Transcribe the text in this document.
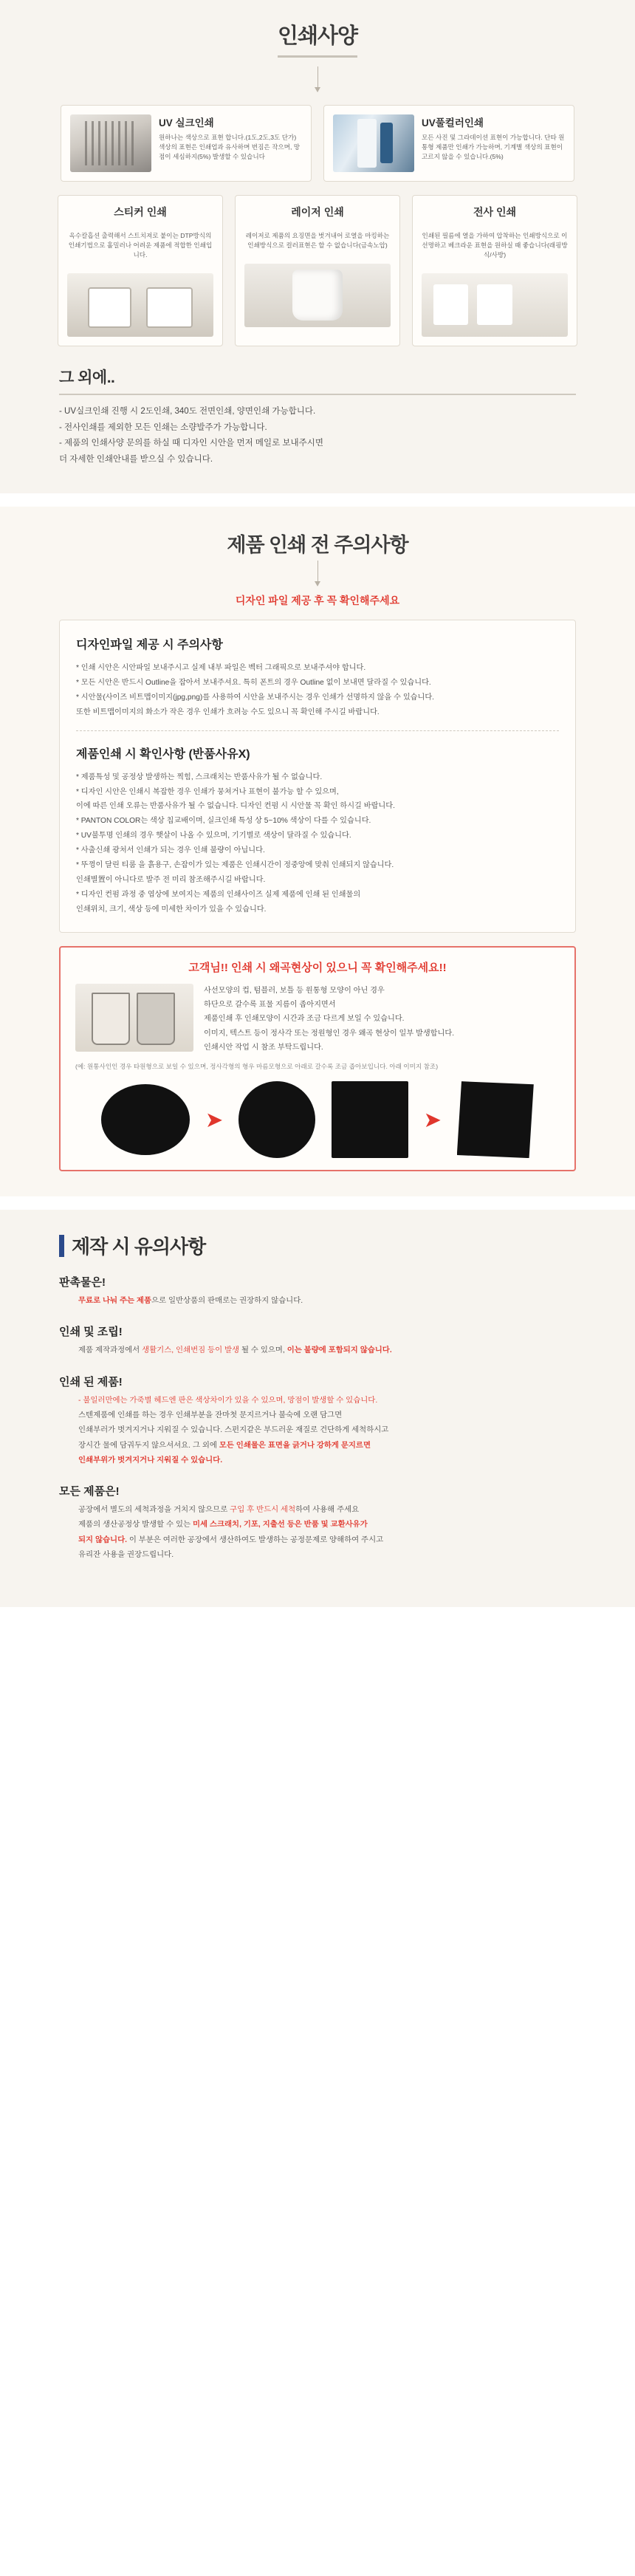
인쇄사양
UV 실크인쇄
원하나는 색상으로 표현 합니다.(1도,2도,3도 단가) 색상의 표현은 인쇄업과 유사하며 번짐은 작으며, 망점이 세심하지(5%) 발생할 수 있습니다
UV풀컬러인쇄
모든 사진 및 그라데이션 표현이 가능합니다. 단타 원통형 제품만 인쇄가 가능하며, 기계별 색상의 표현이 고르지 않을 수 있습니다.(5%)
스티커 인쇄
옥수칼흡션 출력해서 스트치져로 붙이는 DTP방식의 인쇄기법으로 홀밀러나 어려운 제품에 적합한 인쇄입니다.
레이저 인쇄
레이저로 제품의 요징면을 벗겨내어 로열을 마킹하는 인쇄방식으로 컬러표현은 할 수 없습니다(금속노압)
전사 인쇄
인쇄된 필름에 열을 가하여 압착하는 인쇄방식으로 이 선명하고 베크라운 표현을 원하실 때 좋습니다(래핑방식/사방)
그 외에..
- UV실크인쇄 진행 시 2도인쇄, 340도 전면인쇄, 양면인쇄 가능합니다.
- 전사인쇄를 제외한 모든 인쇄는 소량발주가 가능합니다.
- 제품의 인쇄사양 문의를 하실 때 디자인 시안을 먼저 메일로 보내주시면
더 자세한 인쇄안내를 받으실 수 있습니다.
제품 인쇄 전 주의사항
디자인 파일 제공 후 꼭 확인해주세요
디자인파일 제공 시 주의사항
* 인쇄 시안은 시안파일 보내주시고 실제 내부 파일은 벡터 그래픽으로 보내주셔야 합니다.
* 모든 시안은 반드시 Outline을 잡아서 보내주셔요. 특히 폰트의 경우 Outline 없이 보내면 달라질 수 있습니다.
* 시안물(사이즈 비트맵이미지(jpg,png)를 사용하여 시안을 보내주시는 경우 인쇄가 선명하지 않을 수 있습니다.
또한 비트맵이미지의 화소가 작은 경우 인쇄가 흐려능 수도 있으니 꼭 확인해 주시길 바랍니다.
제품인쇄 시 확인사항 (반품사유X)
* 제품특성 및 공정상 발생하는 찍힘, 스크래치는 반품사유가 될 수 없습니다.
* 디자인 시안은 인쇄시 복잡한 경우 인쇄가 뭉쳐거나 표현이 불가능 할 수 있으며,
이에 따른 인쇄 오류는 반품사유가 될 수 없습니다. 디자인 컨펌 시 시안물 꼭 확인 하시길 바랍니다.
* PANTON COLOR는 색상 칩교배이며, 실크인쇄 특성 상 5~10% 색상이 다를 수 있습니다.
* UV불투명 인쇄의 경우 햇살이 나올 수 있으며, 기기별로 색상이 달라질 수 있습니다.
* 사출신쇄 광처서 인쇄가 되는 경우 인쇄 불량이 아닙니다.
* 뚜껑이 달린 티룸 을 흙용구, 손잡이가 있는 제품은 인쇄시간이 정중앙에 맞춰 인쇄되지 않습니다.
인쇄별置이 아니다로 발주 전 미리 참조해주시길 바랍니다.
* 디자인 컨펌 과정 중 엽상에 보여지는 제품의 인쇄사이즈 실제 제품에 인쇄 된 인쇄물의
인쇄위치, 크기, 색상 등에 미세한 차이가 있을 수 있습니다.
고객님!! 인쇄 시 왜곡현상이 있으니 꼭 확인해주세요!!
사선모양의 컵, 텀블러, 보틀 등 원통형 모양이 아닌 경우
하단으로 갈수록 표물 지름이 좁아지면서
제품인쇄 후 인쇄모양이 시간과 조금 다르게 보일 수 있습니다.
이미지, 텍스트 등이 정사각 또는 정원형인 경우 왜곡 현상이 일부 발생합니다.
인쇄시안 작업 시 참조 부탁드립니다.
(예: 원통사인인 경우 타원형으로 보일 수 있으며, 정사각형의 형우 마름모형으로 아래로 갈수록 조금 좁아보입니다. 아래 이미지 참조)
➤	➤
제작 시 유의사항
판촉물은!
무료로 나눠 주는 제품으로 일반상품의 판매로는 권장하지 않습니다.
인쇄 및 조립!
제품 제작과정에서 생활기스, 인쇄번짐 등이 발생 될 수 있으며, 이는 불량에 포함되지 않습니다.
인쇄 된 제품!
- 불일러만에는 가죽별 헤드엔 판은 색상차이가 있을 수 있으며, 망점이 발생할 수 있습니다.
스텐제품에 인쇄를 하는 경우 인쇄부분을 잔마첫 문지르거나 불숙에 오랜 담그면
인쇄부러가 벗겨지거나 지워질 수 있습니다. 스펀지같은 부드러운 재질로 건단하게 세척하시고
장시간 물에 담궈두지 않으셔셔요. 그 외에 모든 인쇄물은 표면을 긁거나 강하게 문지르면
인쇄부위가 벗겨지거나 지워질 수 있습니다.
모든 제품은!
공장에서 별도의 세척과정을 거치지 않으므로 구입 후 반드시 세척하여 사용해 주세요
제품의 생산공정상 발생할 수 있는 미세 스크래치, 기포, 지출선 등은 반품 및 교환사유가
되지 않습니다. 이 부분은 여러한 공장에서 생산하여도 발생하는 공정문제로 양해하여 주시고
유리잔 사용을 권장드립니다.
